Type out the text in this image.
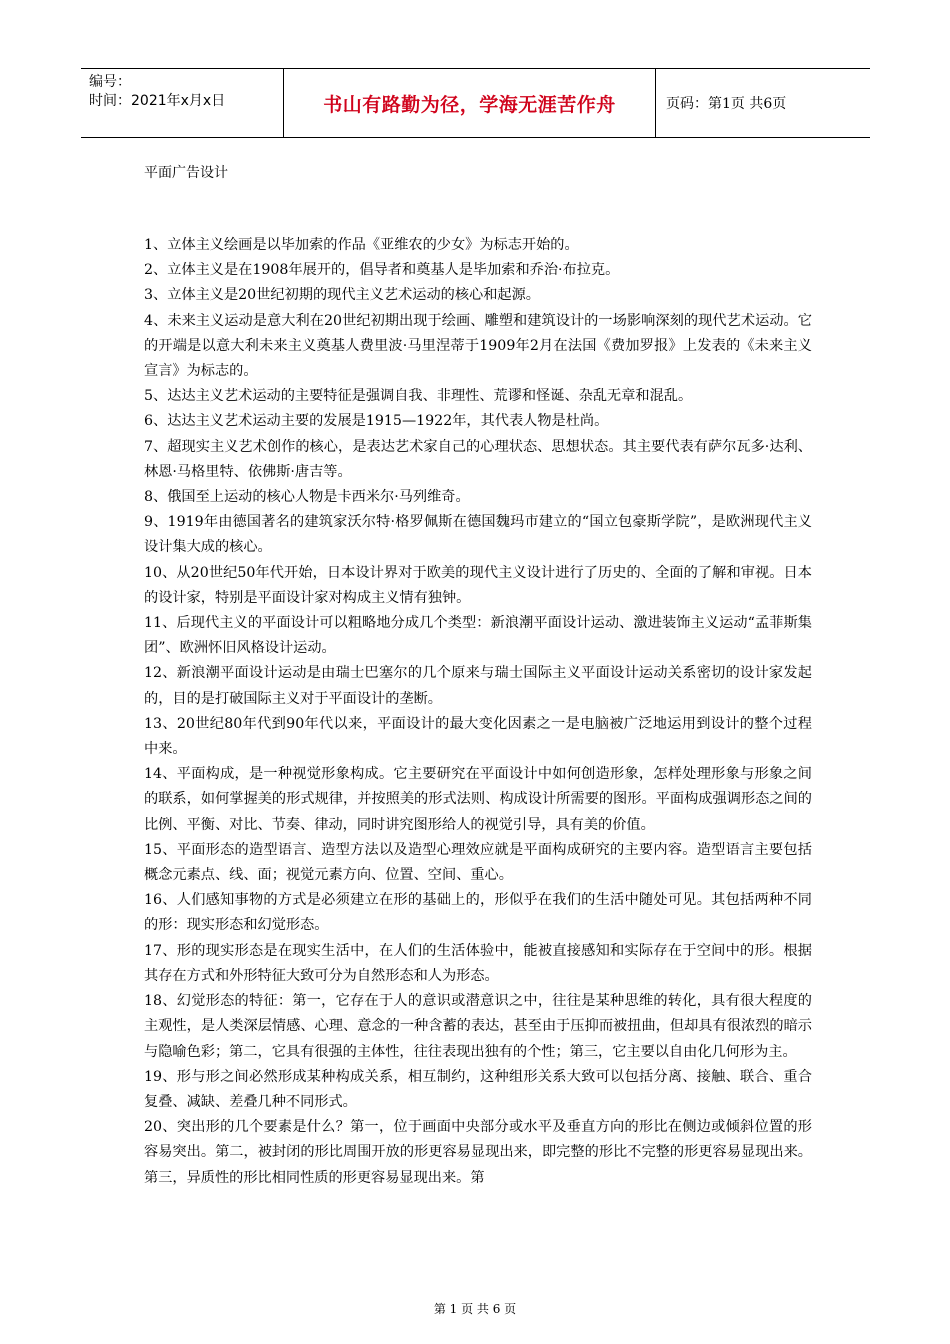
编号：
时间：2021年x月x日	书山有路勤为径，学海无涯苦作舟	页码：第1页 共6页
平面广告设计

1、立体主义绘画是以毕加索的作品《亚维农的少女》为标志开始的。

2、立体主义是在1908年展开的，倡导者和奠基人是毕加索和乔治·布拉克。

3、立体主义是20世纪初期的现代主义艺术运动的核心和起源。

4、未来主义运动是意大利在20世纪初期出现于绘画、雕塑和建筑设计的一场影响深刻的现代艺术运动。它的开端是以意大利未来主义奠基人费里波·马里涅蒂于1909年2月在法国《费加罗报》上发表的《未来主义宣言》为标志的。

5、达达主义艺术运动的主要特征是强调自我、非理性、荒谬和怪诞、杂乱无章和混乱。

6、达达主义艺术运动主要的发展是1915—1922年，其代表人物是杜尚。

7、超现实主义艺术创作的核心，是表达艺术家自己的心理状态、思想状态。其主要代表有萨尔瓦多·达利、林恩·马格里特、依佛斯·唐吉等。

8、俄国至上运动的核心人物是卡西米尔·马列维奇。

9、1919年由德国著名的建筑家沃尔特·格罗佩斯在德国魏玛市建立的“国立包豪斯学院”，是欧洲现代主义设计集大成的核心。

10、从20世纪50年代开始，日本设计界对于欧美的现代主义设计进行了历史的、全面的了解和审视。日本的设计家，特别是平面设计家对构成主义情有独钟。

11、后现代主义的平面设计可以粗略地分成几个类型：新浪潮平面设计运动、激进装饰主义运动“孟菲斯集团”、欧洲怀旧风格设计运动。

12、新浪潮平面设计运动是由瑞士巴塞尔的几个原来与瑞士国际主义平面设计运动关系密切的设计家发起的，目的是打破国际主义对于平面设计的垄断。

13、20世纪80年代到90年代以来，平面设计的最大变化因素之一是电脑被广泛地运用到设计的整个过程中来。

14、平面构成，是一种视觉形象构成。它主要研究在平面设计中如何创造形象，怎样处理形象与形象之间的联系，如何掌握美的形式规律，并按照美的形式法则、构成设计所需要的图形。平面构成强调形态之间的比例、平衡、对比、节奏、律动，同时讲究图形给人的视觉引导，具有美的价值。

15、平面形态的造型语言、造型方法以及造型心理效应就是平面构成研究的主要内容。造型语言主要包括概念元素点、线、面；视觉元素方向、位置、空间、重心。

16、人们感知事物的方式是必须建立在形的基础上的，形似乎在我们的生活中随处可见。其包括两种不同的形：现实形态和幻觉形态。

17、形的现实形态是在现实生活中，在人们的生活体验中，能被直接感知和实际存在于空间中的形。根据其存在方式和外形特征大致可分为自然形态和人为形态。

18、幻觉形态的特征：第一，它存在于人的意识或潜意识之中，往往是某种思维的转化，具有很大程度的主观性，是人类深层情感、心理、意念的一种含蓄的表达，甚至由于压抑而被扭曲，但却具有很浓烈的暗示与隐喻色彩；第二，它具有很强的主体性，往往表现出独有的个性；第三，它主要以自由化几何形为主。

19、形与形之间必然形成某种构成关系，相互制约，这种组形关系大致可以包括分离、接触、联合、重合复叠、减缺、差叠几种不同形式。

20、突出形的几个要素是什么？第一，位于画面中央部分或水平及垂直方向的形比在侧边或倾斜位置的形容易突出。第二，被封闭的形比周围开放的形更容易显现出来，即完整的形比不完整的形更容易显现出来。第三，异质性的形比相同性质的形更容易显现出来。第

第 1 页 共 6 页
